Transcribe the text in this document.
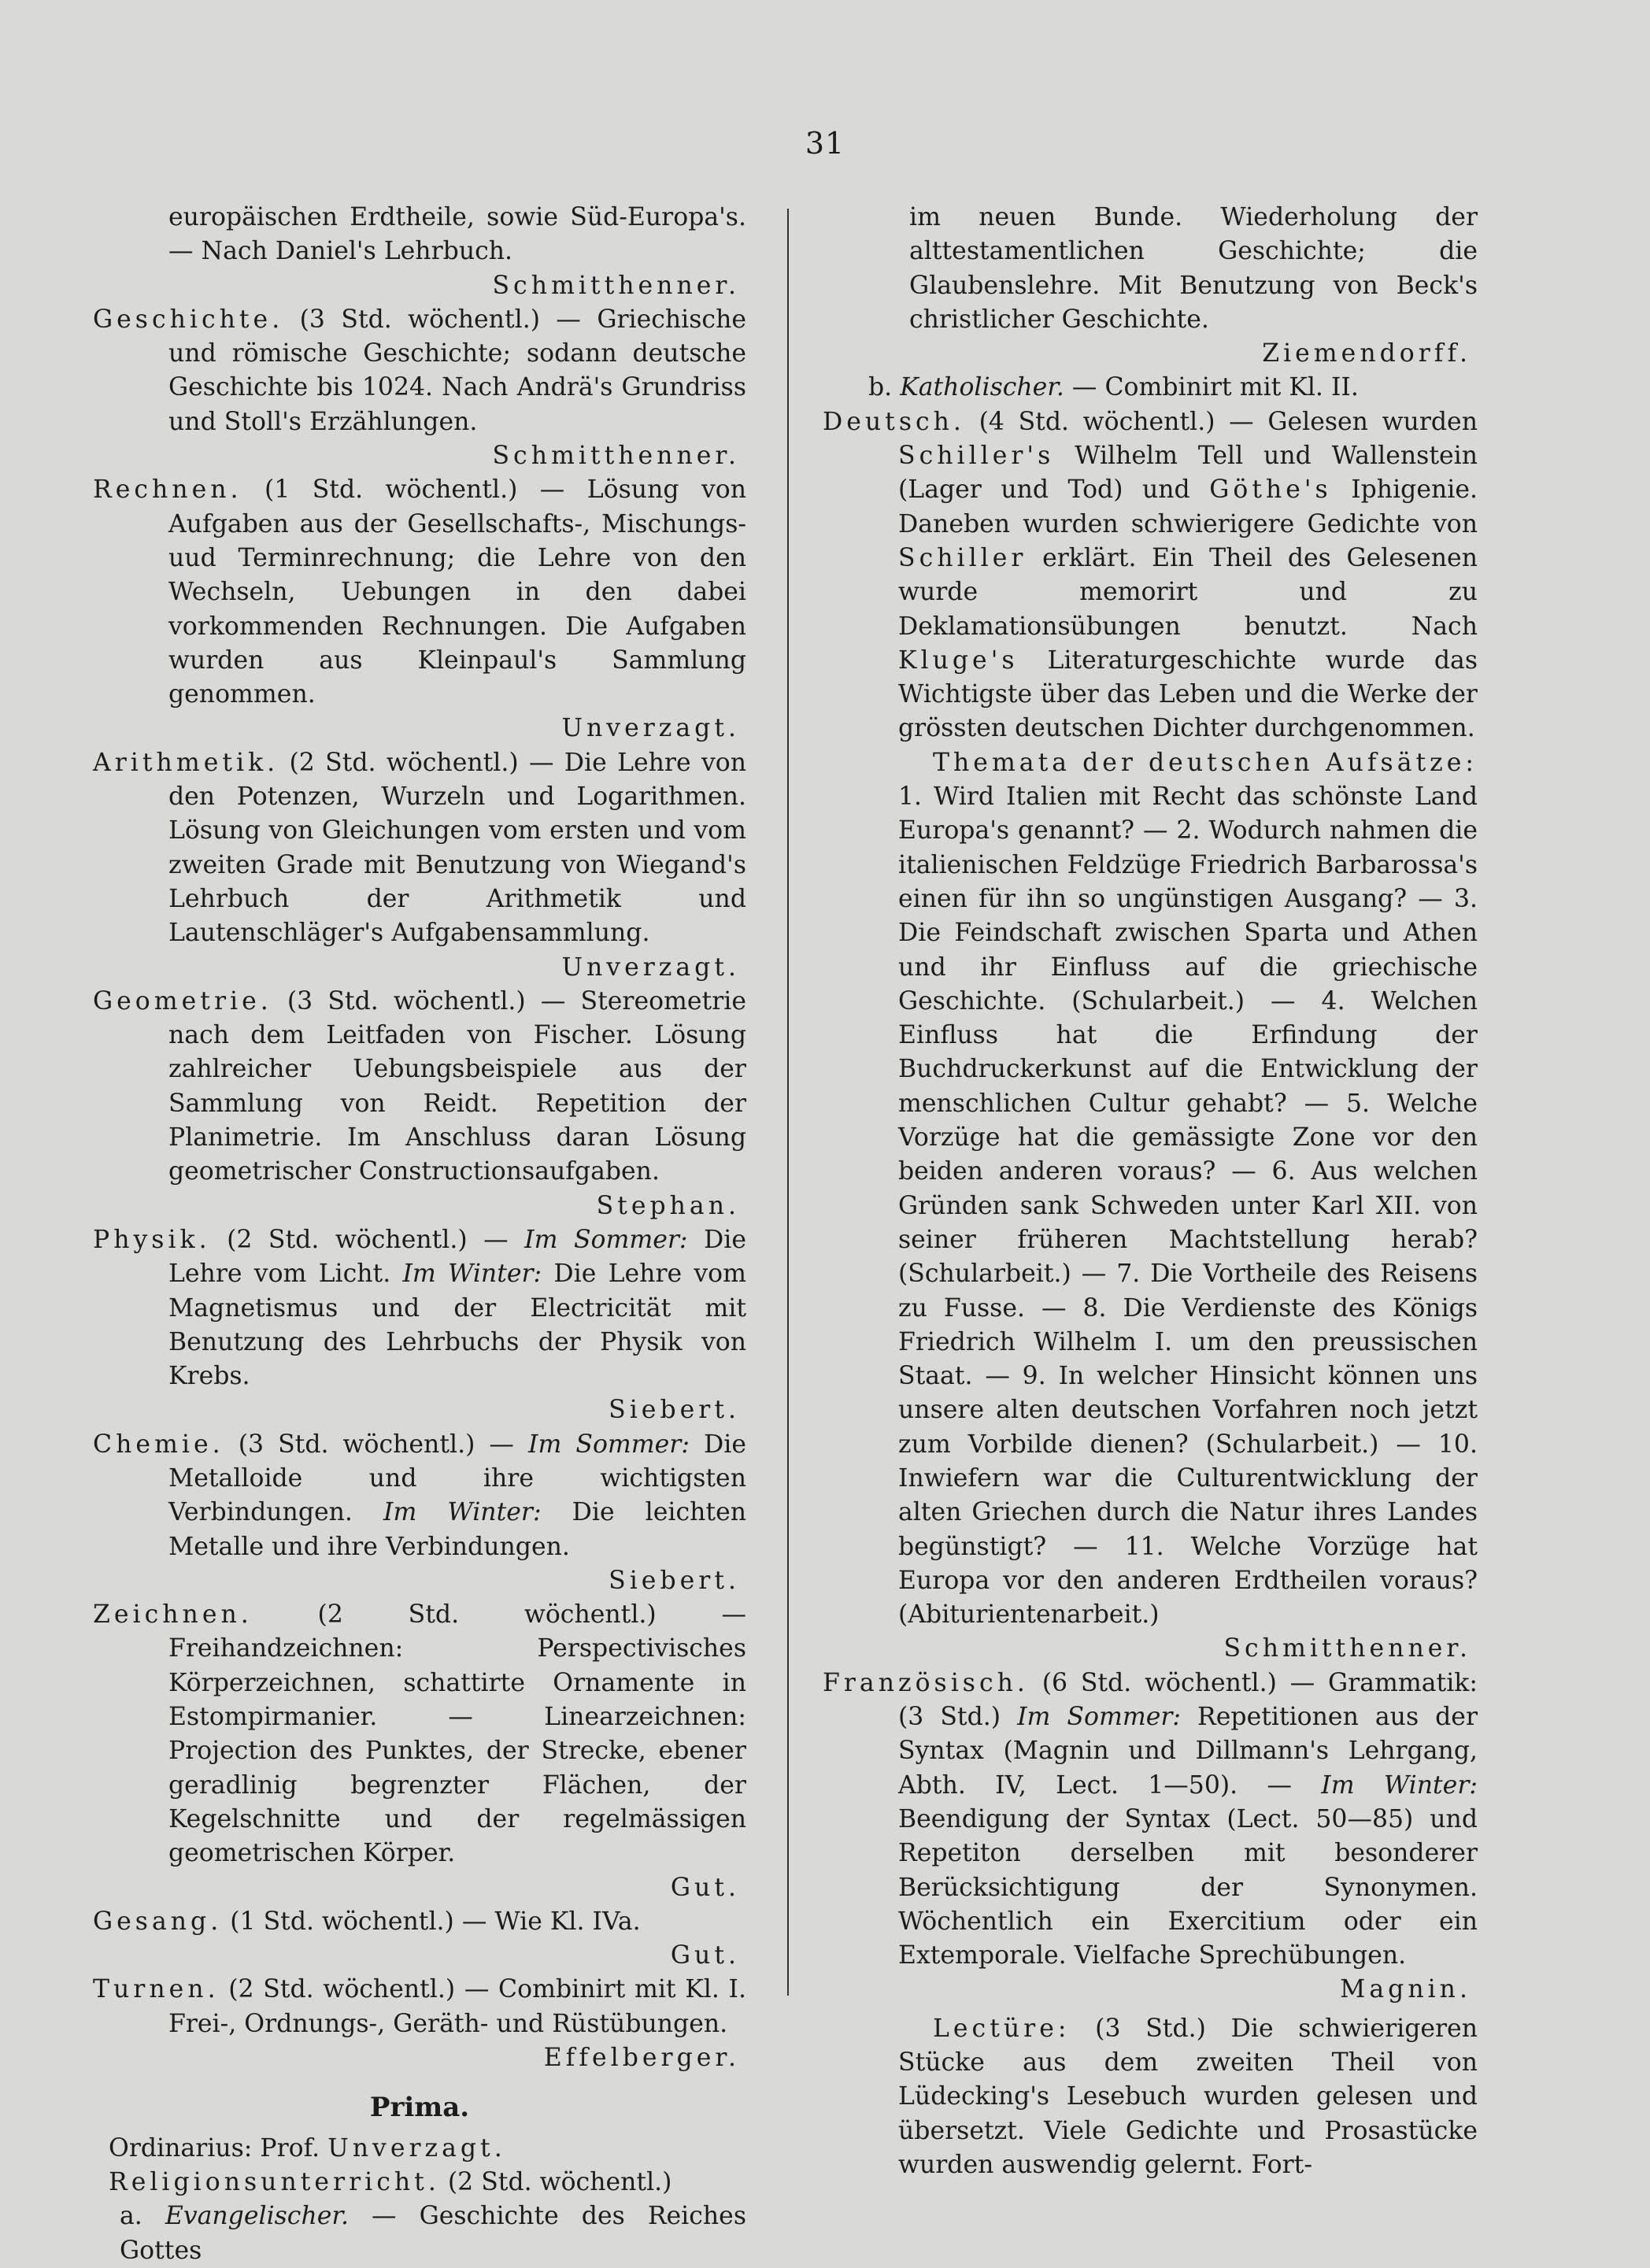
31

europäischen Erdtheile, sowie Süd-Europa's. — Nach Daniel's Lehrbuch.

Schmitthenner.

Geschichte. (3 Std. wöchentl.) — Griechische und römische Geschichte; sodann deutsche Geschichte bis 1024. Nach Andrä's Grundriss und Stoll's Erzählungen.

Schmitthenner.

Rechnen. (1 Std. wöchentl.) — Lösung von Aufgaben aus der Gesellschafts-, Mischungs- uud Terminrechnung; die Lehre von den Wechseln, Uebungen in den dabei vorkommenden Rechnungen. Die Aufgaben wurden aus Kleinpaul's Sammlung genommen.

Unverzagt.

Arithmetik. (2 Std. wöchentl.) — Die Lehre von den Potenzen, Wurzeln und Logarithmen. Lösung von Gleichungen vom ersten und vom zweiten Grade mit Benutzung von Wiegand's Lehrbuch der Arithmetik und Lautenschläger's Aufgabensammlung.

Unverzagt.

Geometrie. (3 Std. wöchentl.) — Stereometrie nach dem Leitfaden von Fischer. Lösung zahlreicher Uebungsbeispiele aus der Sammlung von Reidt. Repetition der Planimetrie. Im Anschluss daran Lösung geometrischer Constructionsaufgaben.

Stephan.

Physik. (2 Std. wöchentl.) — Im Sommer: Die Lehre vom Licht. Im Winter: Die Lehre vom Magnetismus und der Electricität mit Benutzung des Lehrbuchs der Physik von Krebs.

Siebert.

Chemie. (3 Std. wöchentl.) — Im Sommer: Die Metalloide und ihre wichtigsten Verbindungen. Im Winter: Die leichten Metalle und ihre Verbindungen.

Siebert.

Zeichnen. (2 Std. wöchentl.) — Freihandzeichnen: Perspectivisches Körperzeichnen, schattirte Ornamente in Estompirmanier. — Linearzeichnen: Projection des Punktes, der Strecke, ebener geradlinig begrenzter Flächen, der Kegelschnitte und der regelmässigen geometrischen Körper.

Gut.

Gesang. (1 Std. wöchentl.) — Wie Kl. IVa.

Gut.

Turnen. (2 Std. wöchentl.) — Combinirt mit Kl. I. Frei-, Ordnungs-, Geräth- und Rüstübungen.

Effelberger.

Prima.

Ordinarius: Prof. Unverzagt.

Religionsunterricht. (2 Std. wöchentl.)

a. Evangelischer. — Geschichte des Reiches Gottes

im neuen Bunde. Wiederholung der alttestamentlichen Geschichte; die Glaubenslehre. Mit Benutzung von Beck's christlicher Geschichte.

Ziemendorff.

b. Katholischer. — Combinirt mit Kl. II.

Deutsch. (4 Std. wöchentl.) — Gelesen wurden Schiller's Wilhelm Tell und Wallenstein (Lager und Tod) und Göthe's Iphigenie. Daneben wurden schwierigere Gedichte von Schiller erklärt. Ein Theil des Gelesenen wurde memorirt und zu Deklamationsübungen benutzt. Nach Kluge's Literaturgeschichte wurde das Wichtigste über das Leben und die Werke der grössten deutschen Dichter durchgenommen.

Themata der deutschen Aufsätze: 1. Wird Italien mit Recht das schönste Land Europa's genannt? — 2. Wodurch nahmen die italienischen Feldzüge Friedrich Barbarossa's einen für ihn so ungünstigen Ausgang? — 3. Die Feindschaft zwischen Sparta und Athen und ihr Einfluss auf die griechische Geschichte. (Schularbeit.) — 4. Welchen Einfluss hat die Erfindung der Buchdruckerkunst auf die Entwicklung der menschlichen Cultur gehabt? — 5. Welche Vorzüge hat die gemässigte Zone vor den beiden anderen voraus? — 6. Aus welchen Gründen sank Schweden unter Karl XII. von seiner früheren Machtstellung herab? (Schularbeit.) — 7. Die Vortheile des Reisens zu Fusse. — 8. Die Verdienste des Königs Friedrich Wilhelm I. um den preussischen Staat. — 9. In welcher Hinsicht können uns unsere alten deutschen Vorfahren noch jetzt zum Vorbilde dienen? (Schularbeit.) — 10. Inwiefern war die Culturentwicklung der alten Griechen durch die Natur ihres Landes begünstigt? — 11. Welche Vorzüge hat Europa vor den anderen Erdtheilen voraus? (Abiturientenarbeit.)

Schmitthenner.

Französisch. (6 Std. wöchentl.) — Grammatik: (3 Std.) Im Sommer: Repetitionen aus der Syntax (Magnin und Dillmann's Lehrgang, Abth. IV, Lect. 1—50). — Im Winter: Beendigung der Syntax (Lect. 50—85) und Repetiton derselben mit besonderer Berücksichtigung der Synonymen. Wöchentlich ein Exercitium oder ein Extemporale. Vielfache Sprechübungen.

Magnin.

Lectüre: (3 Std.) Die schwierigeren Stücke aus dem zweiten Theil von Lüdecking's Lesebuch wurden gelesen und übersetzt. Viele Gedichte und Prosastücke wurden auswendig gelernt. Fort-
